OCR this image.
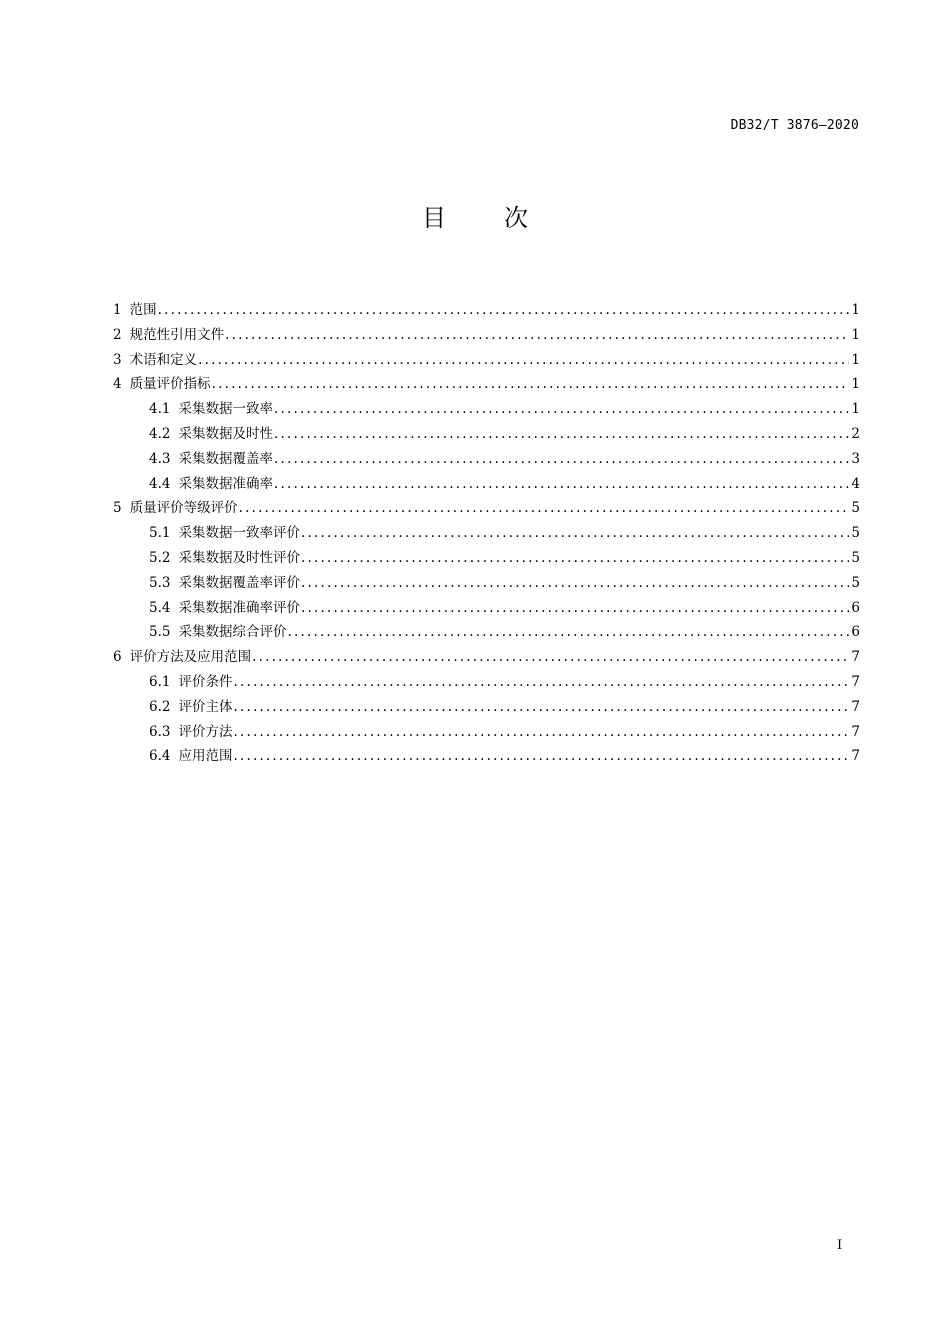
DB32/T 3876—2020
目次
1 范围 .....	1
2 规范性引用文件 .....	1
3 术语和定义 .....	1
4 质量评价指标 .....	1
4.1 采集数据一致率 .....	1
4.2 采集数据及时性 .....	2
4.3 采集数据覆盖率 .....	3
4.4 采集数据准确率 .....	4
5 质量评价等级评价 .....	5
5.1 采集数据一致率评价 .....	5
5.2 采集数据及时性评价 .....	5
5.3 采集数据覆盖率评价 .....	5
5.4 采集数据准确率评价 .....	6
5.5 采集数据综合评价 .....	6
6 评价方法及应用范围 .....	7
6.1 评价条件 .....	7
6.2 评价主体 .....	7
6.3 评价方法 .....	7
6.4 应用范围 .....	7
I
